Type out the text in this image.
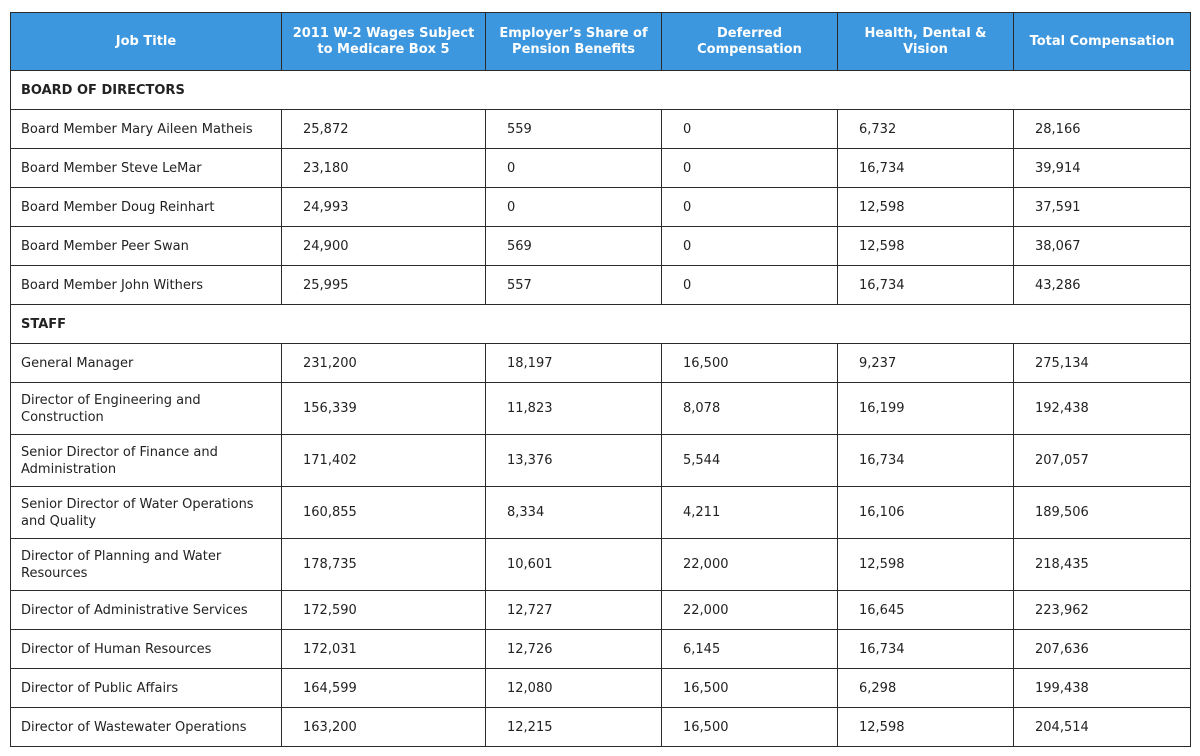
Job Title	2011 W-2 Wages Subject to Medicare Box 5	Employer’s Share of Pension Benefits	Deferred Compensation	Health, Dental & Vision	Total Compensation
BOARD OF DIRECTORS					
Board Member Mary Aileen Matheis	25,872	559	0	6,732	28,166
Board Member Steve LeMar	23,180	0	0	16,734	39,914
Board Member Doug Reinhart	24,993	0	0	12,598	37,591
Board Member Peer Swan	24,900	569	0	12,598	38,067
Board Member John Withers	25,995	557	0	16,734	43,286
STAFF					
General Manager	231,200	18,197	16,500	9,237	275,134
Director of Engineering and Construction	156,339	11,823	8,078	16,199	192,438
Senior Director of Finance and Administration	171,402	13,376	5,544	16,734	207,057
Senior Director of Water Operations and Quality	160,855	8,334	4,211	16,106	189,506
Director of Planning and Water Resources	178,735	10,601	22,000	12,598	218,435
Director of Administrative Services	172,590	12,727	22,000	16,645	223,962
Director of Human Resources	172,031	12,726	6,145	16,734	207,636
Director of Public Affairs	164,599	12,080	16,500	6,298	199,438
Director of Wastewater Operations	163,200	12,215	16,500	12,598	204,514
